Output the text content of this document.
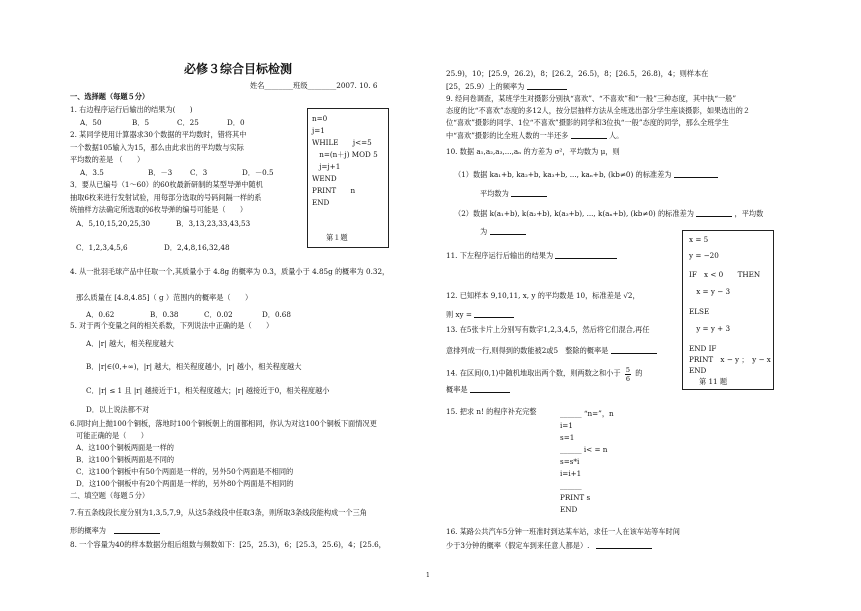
必修３综合目标检测
姓名________班级________2007. 10. 6
一、选择题（每题５分）
1. 右边程序运行后输出的结果为(　　)
A．50	B．5	C．25	D．0
2. 某同学使用计算器求30个数据的平均数时，错将其中
一个数据105输入为15，那么由此求出的平均数与实际
平均数的差是 （　　）
A．3.5	B．－3 C．3	D．－0.5
3．要从已编号（1～60）的60枚最新研制的某型导弹中随机
抽取6枚来进行发射试验，用每部分选取的号码间隔一样的系
统抽样方法确定所选取的6枚导弹的编号可能是（　　）
A．5,10,15,20,25,30	B．3,13,23,33,43,53
C．1,2,3,4,5,6	D．2,4,8,16,32,48
n=0
j=1
WHILE　　j<=5
　n=(n＋j) MOD 5
　j=j+1
WEND
PRINT　　n
END
第１题
4. 从一批羽毛球产品中任取一个,其质量小于 4.8g 的概率为 0.3，质量小于 4.85g 的概率为 0.32，
那么质量在 [4.8,4.85]（ g ）范围内的概率是（　　）
A．0.62	B．0.38	C．0.02	D．0.68
5. 对于两个变量之间的相关系数，下列说法中正确的是（　　）
A．|r| 越大，相关程度越大
B．|r|∈(0,+∞)，|r| 越大，相关程度越小，|r| 越小，相关程度越大
C．|r| ≤ 1 且 |r| 越接近于1，相关程度越大；|r| 越接近于0，相关程度越小
D．以上说法都不对
6.同时向上抛100个铜板，落地时100个铜板朝上的面都相同，你认为对这100个铜板下面情况更
可能正确的是（　　）
A．这100个铜板两面是一样的
B．这100个铜板两面是不同的
C．这100个铜板中有50个两面是一样的，另外50个两面是不相同的
D．这100个铜板中有20个两面是一样的，另外80个两面是不相同的
二、填空题（每题５分）
7.有五条线段长度分别为1,3,5,7,9，从这5条线段中任取3条，则所取3条线段能构成一个三角
形的概率为
8. 一个容量为40的样本数据分组后组数与频数如下：[25，25.3)，6；[25.3，25.6)，4；[25.6，
25.9)，10；[25.9，26.2)，8；[26.2，26.5)，8；[26.5，26.8)，4；则样本在
[25，25.9）上的频率为
9. 经问卷调查，某班学生对摄影分别执“喜欢”、“不喜欢”和“一般”三种态度，其中执“一般”
态度的比“不喜欢”态度的多12人，按分层抽样方法从全班选出部分学生座谈摄影，如果选出的２
位“喜欢”摄影的同学、1位“不喜欢”摄影的同学和3位执“一般”态度的同学，那么全班学生
中“喜欢”摄影的比全班人数的一半还多	人。
10. 数据 a₁,a₂,a₃,...,aₙ 的方差为 σ²，平均数为 μ，则
（1）数据 ka₁+b, ka₂+b, ka₃+b, ..., kaₙ+b, (kb≠0) 的标准差为
平均数为
（2）数据 k(a₁+b), k(a₂+b), k(a₃+b), ..., k(aₙ+b), (kb≠0) 的标准差为	，平均数
为
x = 5
y = −20
IF　x < 0　　THEN
　x = y − 3
ELSE
　y = y + 3
END IF
PRINT　x − y ；　y − x
END
第 11 题
11. 下左程序运行后输出的结果为
12. 已知样本 9,10,11, x, y 的平均数是 10，标准差是 √2，
则 xy =
13. 在5张卡片上分别写有数字1,2,3,4,5，然后将它们混合,再任
意排列成一行,则得到的数能被2或5　整除的概率是
14. 在区间(0,1)中随机地取出两个数，则两数之和小于 $\frac{5}{6}$ 的
概率是
15. 把求 n! 的程序补充完整	______ “n=”，n
i=1
s=1
______ i< = n
s=s*i
i=i+1
______
PRINT s
END
16. 某路公共汽车5分钟一班准时到达某车站，求任一人在该车站等车时间
少于3分钟的概率（假定车到来任意人都是）.
1
